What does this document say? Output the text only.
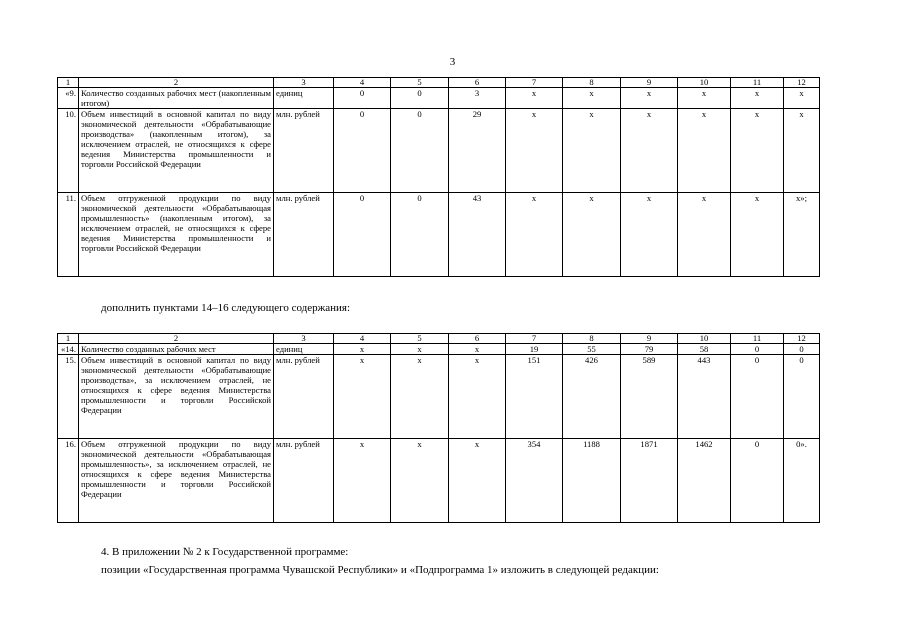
3
1	2	3	4	5	6	7	8	9	10	11	12
«9.	Количество созданных рабочих мест (накопленным итогом)	единиц	0	0	3	х	х	х	х	х	х
10.	Объем инвестиций в основной капитал по виду экономической деятельности «Обрабатывающие производства» (накопленным итогом), за исключением отраслей, не относящихся к сфере ведения Министерства промышленности и торговли Российской Федерации	млн. рублей	0	0	29	х	х	х	х	х	х
11.	Объем отгруженной продукции по виду экономической деятельности «Обрабатывающая промышленность» (накопленным итогом), за исключением отраслей, не относящихся к сфере ведения Министерства промышленности и торговли Российской Федерации	млн. рублей	0	0	43	х	х	х	х	х	х»;
дополнить пунктами 14–16 следующего содержания:
1	2	3	4	5	6	7	8	9	10	11	12
«14.	Количество созданных рабочих мест	единиц	х	х	х	19	55	79	58	0	0
15.	Объем инвестиций в основной капитал по виду экономической деятельности «Обрабатывающие производства», за исключением отраслей, не относящихся к сфере ведения Министерства промышленности и торговли Российской Федерации	млн. рублей	х	х	х	151	426	589	443	0	0
16.	Объем отгруженной продукции по виду экономической деятельности «Обрабатывающая промышленность», за исключением отраслей, не относящихся к сфере ведения Министерства промышленности и торговли Российской Федерации	млн. рублей	х	х	х	354	1188	1871	1462	0	0».
4. В приложении № 2 к Государственной программе:
позиции «Государственная программа Чувашской Республики» и «Подпрограмма 1» изложить в следующей редакции:
